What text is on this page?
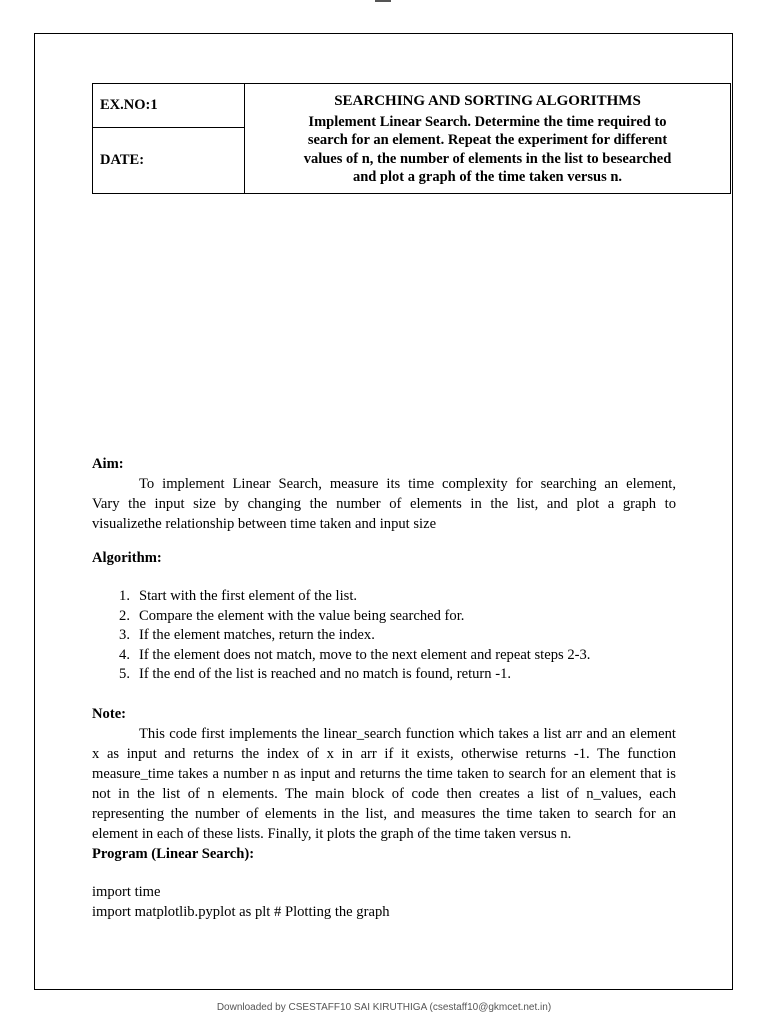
EX.NO:1	SEARCHING AND SORTING ALGORITHMS
Implement Linear Search. Determine the time required to
search for an element. Repeat the experiment for different
values of n, the number of elements in the list to besearched
and plot a graph of the time taken versus n.

DATE:
Aim:
To implement Linear Search, measure its time complexity for searching an element,
Vary the input size by changing the number of elements in the list, and plot a graph to
visualizethe relationship between time taken and input size
Algorithm:
1. Start with the first element of the list.
2. Compare the element with the value being searched for.
3. If the element matches, return the index.
4. If the element does not match, move to the next element and repeat steps 2-3.
5. If the end of the list is reached and no match is found, return -1.
Note:

This code first implements the linear_search function which takes a list arr and an element x as input and returns the index of x in arr if it exists, otherwise returns -1. The function measure_time takes a number n as input and returns the time taken to search for an element that is not in the list of n elements. The main block of code then creates a list of n_values, each representing the number of elements in the list, and measures the time taken to search for an element in each of these lists. Finally, it plots the graph of the time taken versus n.

Program (Linear Search):
import time
import matplotlib.pyplot as plt # Plotting the graph
Downloaded by CSESTAFF10 SAI KIRUTHIGA (csestaff10@gkmcet.net.in)
